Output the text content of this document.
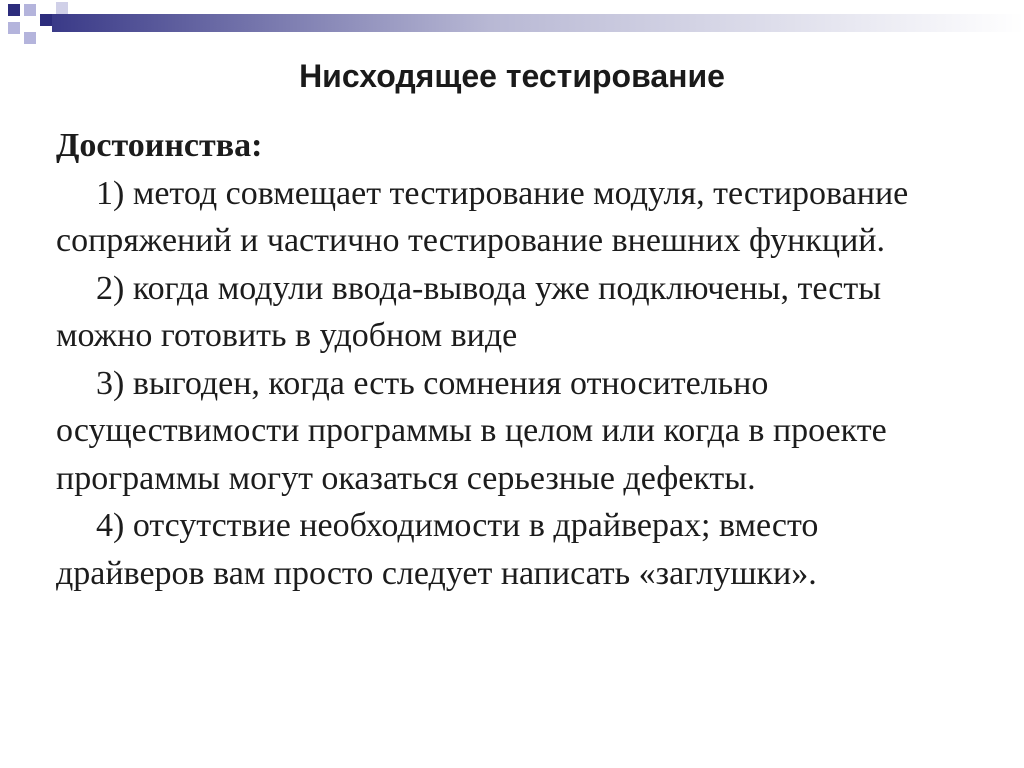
Нисходящее тестирование
Достоинства:

1) метод совмещает тестирование модуля, тестирование сопряжений и частично тестирование внешних функций.

2) когда модули ввода-вывода уже подключены, тесты можно готовить в удобном виде

3) выгоден, когда есть сомнения относительно осуществимости программы в целом или когда в проекте программы могут оказаться серьезные дефекты.

4) отсутствие необходимости в драйверах; вместо драйверов вам просто следует написать «заглушки».
